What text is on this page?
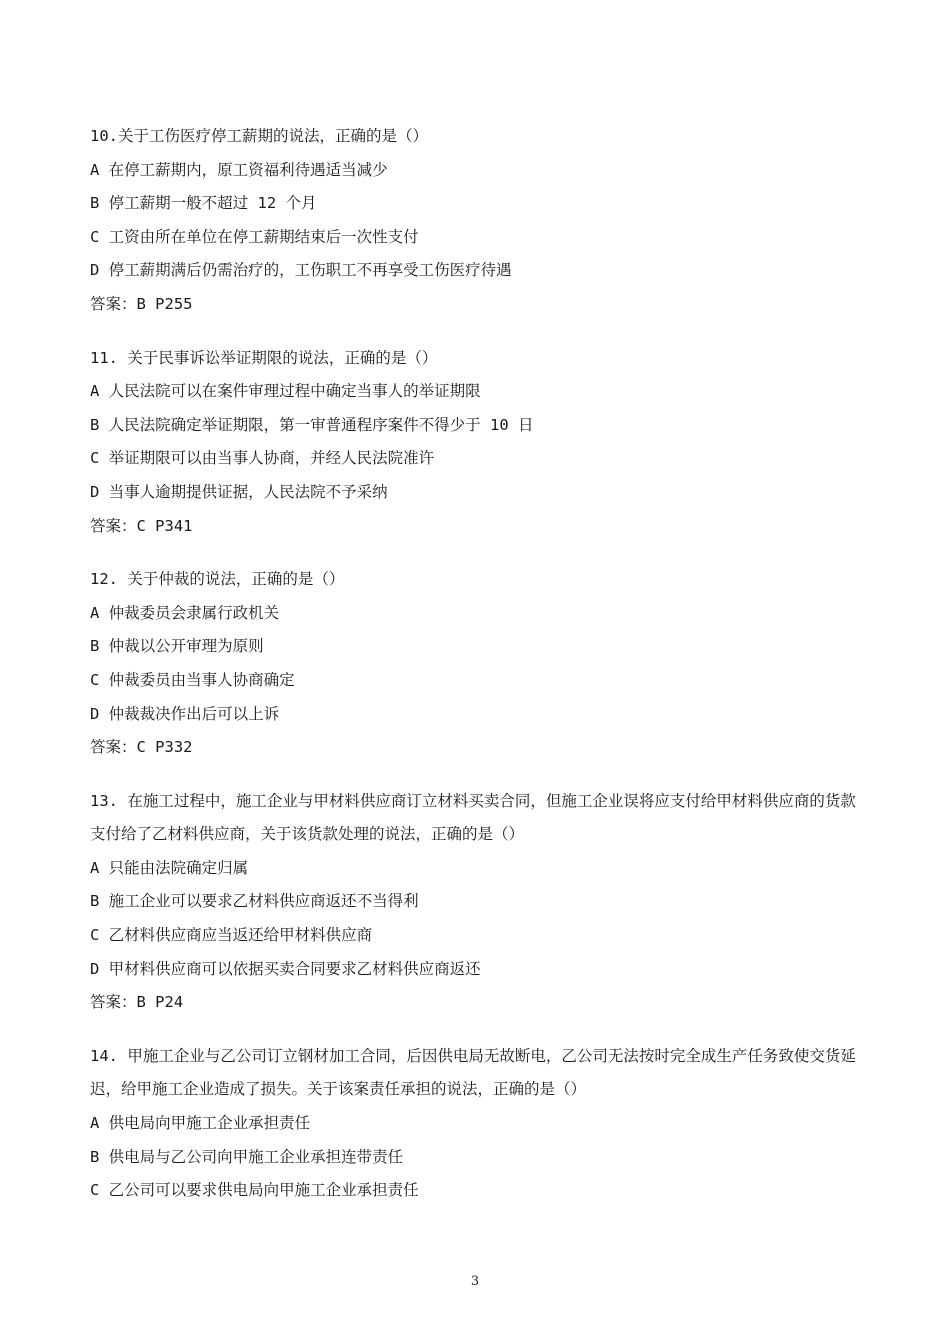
10.关于工伤医疗停工薪期的说法，正确的是（）

A 在停工薪期内，原工资福利待遇适当减少

B 停工薪期一般不超过 12 个月

C 工资由所在单位在停工薪期结束后一次性支付

D 停工薪期满后仍需治疗的，工伤职工不再享受工伤医疗待遇

答案：B P255

11. 关于民事诉讼举证期限的说法，正确的是（）

A 人民法院可以在案件审理过程中确定当事人的举证期限

B 人民法院确定举证期限，第一审普通程序案件不得少于 10 日

C 举证期限可以由当事人协商，并经人民法院准许

D 当事人逾期提供证据，人民法院不予采纳

答案：C P341

12. 关于仲裁的说法，正确的是（）

A 仲裁委员会隶属行政机关

B 仲裁以公开审理为原则

C 仲裁委员由当事人协商确定

D 仲裁裁决作出后可以上诉

答案：C P332

13. 在施工过程中，施工企业与甲材料供应商订立材料买卖合同，但施工企业误将应支付给甲材料供应商的货款支付给了乙材料供应商，关于该货款处理的说法，正确的是（）

A 只能由法院确定归属

B 施工企业可以要求乙材料供应商返还不当得利

C 乙材料供应商应当返还给甲材料供应商

D 甲材料供应商可以依据买卖合同要求乙材料供应商返还

答案：B P24

14. 甲施工企业与乙公司订立钢材加工合同，后因供电局无故断电，乙公司无法按时完全成生产任务致使交货延迟，给甲施工企业造成了损失。关于该案责任承担的说法，正确的是（）

A 供电局向甲施工企业承担责任

B 供电局与乙公司向甲施工企业承担连带责任

C 乙公司可以要求供电局向甲施工企业承担责任

3
